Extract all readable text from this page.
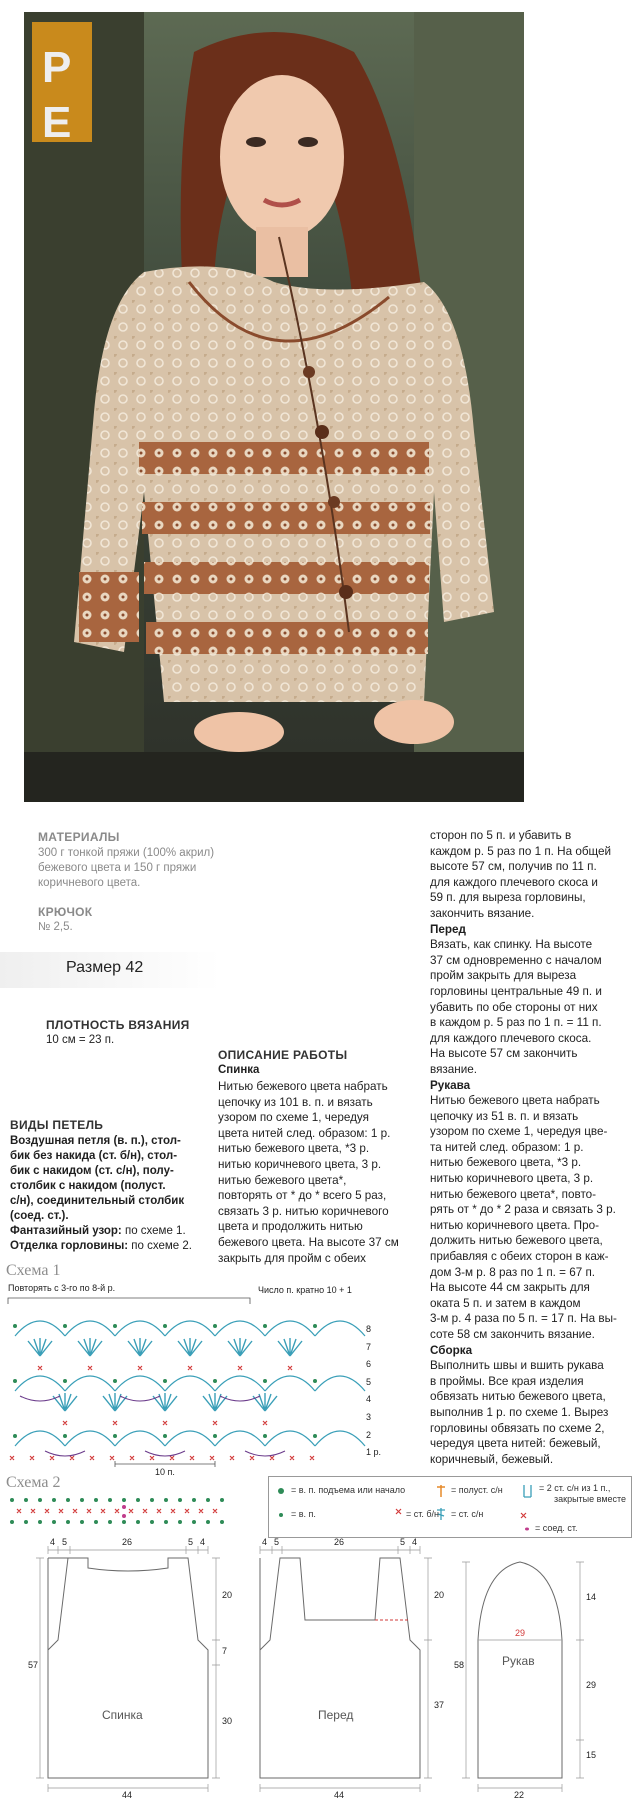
P
E
МАТЕРИАЛЫ
300 г тонкой пряжи (100% акрил)
бежевого цвета и 150 г пряжи
коричневого цвета.
КРЮЧОК
№ 2,5.
Размер 42
ПЛОТНОСТЬ ВЯЗАНИЯ
10 см = 23 п.
ВИДЫ ПЕТЕЛЬ
Воздушная петля (в. п.), стол-
бик без накида (ст. б/н), стол-
бик с накидом (ст. с/н), полу-
столбик с накидом (полуст.
с/н), соединительный столбик
(соед. ст.).
Фантазийный узор: по схеме 1.
Отделка горловины: по схеме 2.
ОПИСАНИЕ РАБОТЫ
Спинка
Нитью бежевого цвета набрать
цепочку из 101 в. п. и вязать
узором по схеме 1, чередуя
цвета нитей след. образом: 1 р.
нитью бежевого цвета, *3 р.
нитью коричневого цвета, 3 р.
нитью бежевого цвета*,
повторять от * до * всего 5 раз,
связать 3 р. нитью коричневого
цвета и продолжить нитью
бежевого цвета. На высоте 37 см
закрыть для пройм с обеих
сторон по 5 п. и убавить в
каждом р. 5 раз по 1 п. На общей
высоте 57 см, получив по 11 п.
для каждого плечевого скоса и
59 п. для выреза горловины,
закончить вязание.
Перед
Вязать, как спинку. На высоте
37 см одновременно с началом
пройм закрыть для выреза
горловины центральные 49 п. и
убавить по обе стороны от них
в каждом р. 5 раз по 1 п. = 11 п.
для каждого плечевого скоса.
На высоте 57 см закончить
вязание.
Рукава
Нитью бежевого цвета набрать
цепочку из 51 в. п. и вязать
узором по схеме 1, чередуя цве-
та нитей след. образом: 1 р.
нитью бежевого цвета, *3 р.
нитью коричневого цвета, 3 р.
нитью бежевого цвета*, повто-
рять от * до * 2 раза и связать 3 р.
нитью коричневого цвета. Про-
должить нитью бежевого цвета,
прибавляя с обеих сторон в каж-
дом 3-м р. 8 раз по 1 п. = 67 п.
На высоте 44 см закрыть для
оката 5 п. и затем в каждом
3-м р. 4 раза по 5 п. = 17 п. На вы-
соте 58 см закончить вязание.
Сборка
Выполнить швы и вшить рукава
в проймы. Все края изделия
обвязать нитью бежевого цвета,
выполнив 1 р. по схеме 1. Вырез
горловины обвязать по схеме 2,
чередуя цвета нитей: бежевый,
коричневый, бежевый.
Схема 1
Повторять с 3-го по 8-й р.	Число п. кратно 10 + 1
10 п.
8
7
6
5
4
3
2
1 р.
Схема 2	= в. п. подъема или начало	= полуст. с/н	= 2 ст. с/н из 1 п.,
закрытые вместе
= в. п.	= ст. б/н = ст. с/н
= соед. ст.
Спинка	Перед
Рукав
4 5	26	5 4
44
57
20
7
30
4 5	26	5 4
44
20
37
29
22
58
14
29
15
